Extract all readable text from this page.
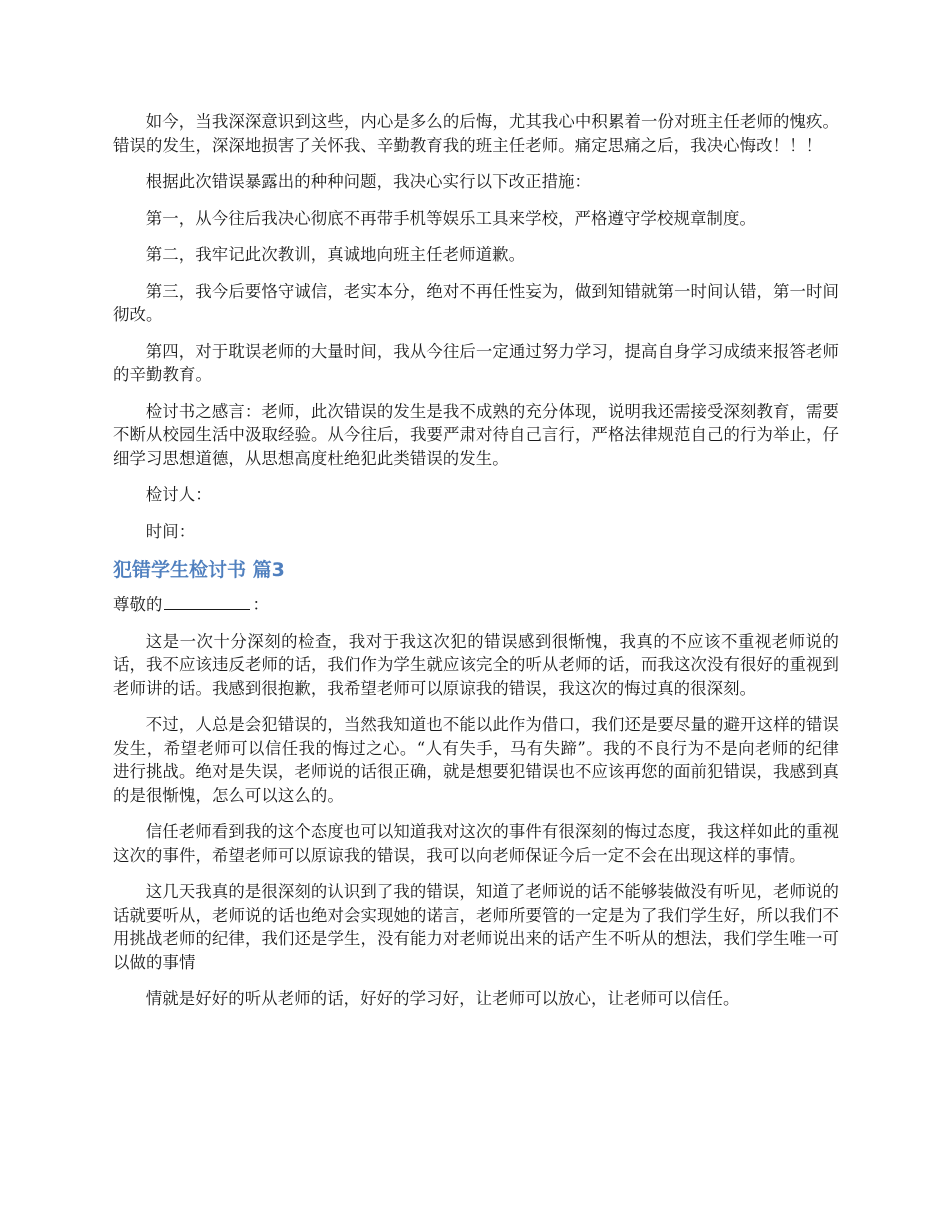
如今，当我深深意识到这些，内心是多么的后悔，尤其我心中积累着一份对班主任老师的愧疚。错误的发生，深深地损害了关怀我、辛勤教育我的班主任老师。痛定思痛之后，我决心悔改！！！

根据此次错误暴露出的种种问题，我决心实行以下改正措施：

第一，从今往后我决心彻底不再带手机等娱乐工具来学校，严格遵守学校规章制度。

第二，我牢记此次教训，真诚地向班主任老师道歉。

第三，我今后要恪守诚信，老实本分，绝对不再任性妄为，做到知错就第一时间认错，第一时间彻改。

第四，对于耽误老师的大量时间，我从今往后一定通过努力学习，提高自身学习成绩来报答老师的辛勤教育。

检讨书之感言：老师，此次错误的发生是我不成熟的充分体现，说明我还需接受深刻教育，需要不断从校园生活中汲取经验。从今往后，我要严肃对待自己言行，严格法律规范自己的行为举止，仔细学习思想道德，从思想高度杜绝犯此类错误的发生。

检讨人：

时间：

犯错学生检讨书 篇3

尊敬的	：

这是一次十分深刻的检查，我对于我这次犯的错误感到很惭愧，我真的不应该不重视老师说的话，我不应该违反老师的话，我们作为学生就应该完全的听从老师的话，而我这次没有很好的重视到老师讲的话。我感到很抱歉，我希望老师可以原谅我的错误，我这次的悔过真的很深刻。

不过，人总是会犯错误的，当然我知道也不能以此作为借口，我们还是要尽量的避开这样的错误发生，希望老师可以信任我的悔过之心。“人有失手，马有失蹄”。我的不良行为不是向老师的纪律进行挑战。绝对是失误，老师说的话很正确，就是想要犯错误也不应该再您的面前犯错误，我感到真的是很惭愧，怎么可以这么的。

信任老师看到我的这个态度也可以知道我对这次的事件有很深刻的悔过态度，我这样如此的重视这次的事件，希望老师可以原谅我的错误，我可以向老师保证今后一定不会在出现这样的事情。

这几天我真的是很深刻的认识到了我的错误，知道了老师说的话不能够装做没有听见，老师说的话就要听从，老师说的话也绝对会实现她的诺言，老师所要管的一定是为了我们学生好，所以我们不用挑战老师的纪律，我们还是学生，没有能力对老师说出来的话产生不听从的想法，我们学生唯一可以做的事情

情就是好好的听从老师的话，好好的学习好，让老师可以放心，让老师可以信任。
